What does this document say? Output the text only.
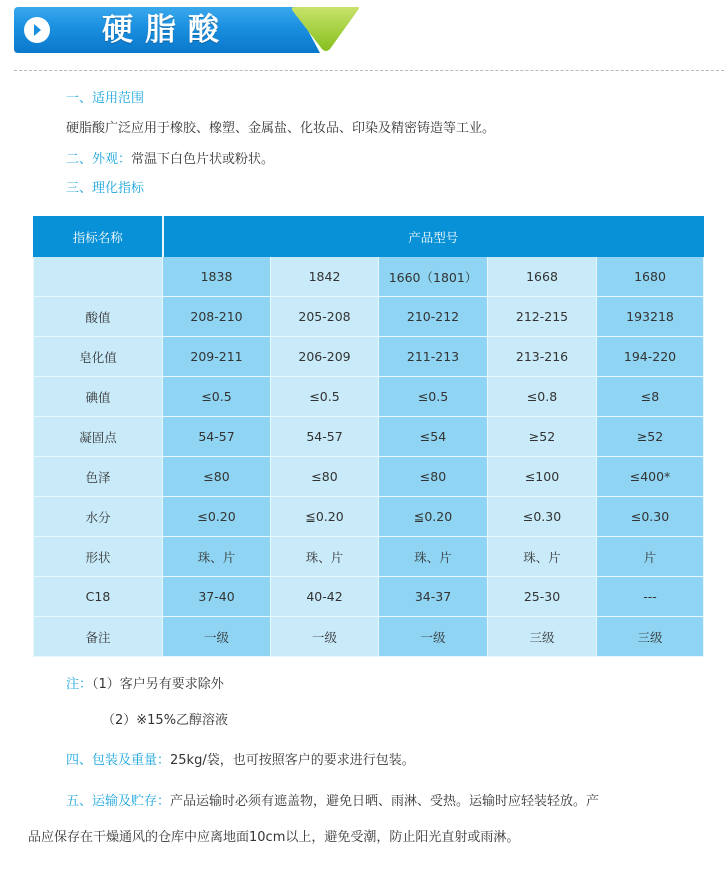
硬脂酸
一、适用范围
硬脂酸广泛应用于橡胶、橡塑、金属盐、化妆品、印染及精密铸造等工业。
二、外观：常温下白色片状或粉状。
三、理化指标
指标名称	产品型号				
	1838	1842	1660（1801）	1668	1680
酸值	208-210	205-208	210-212	212-215	193218
皂化值	209-211	206-209	211-213	213-216	194-220
碘值	≤0.5	≤0.5	≤0.5	≤0.8	≤8
凝固点	54-57	54-57	≤54	≥52	≥52
色泽	≤80	≤80	≤80	≤100	≤400*
水分	≤0.20	≦0.20	≦0.20	≤0.30	≤0.30
形状	珠、片	珠、片	珠、片	珠、片	片
C18	37-40	40-42	34-37	25-30	---
备注	一级	一级	一级	三级	三级
注：（1）客户另有要求除外
（2）※15%乙醇溶液
四、包装及重量：25kg/袋，也可按照客户的要求进行包装。
五、运输及贮存：产品运输时必须有遮盖物，避免日晒、雨淋、受热。运输时应轻装轻放。产
品应保存在干燥通风的仓库中应离地面10cm以上，避免受潮，防止阳光直射或雨淋。
